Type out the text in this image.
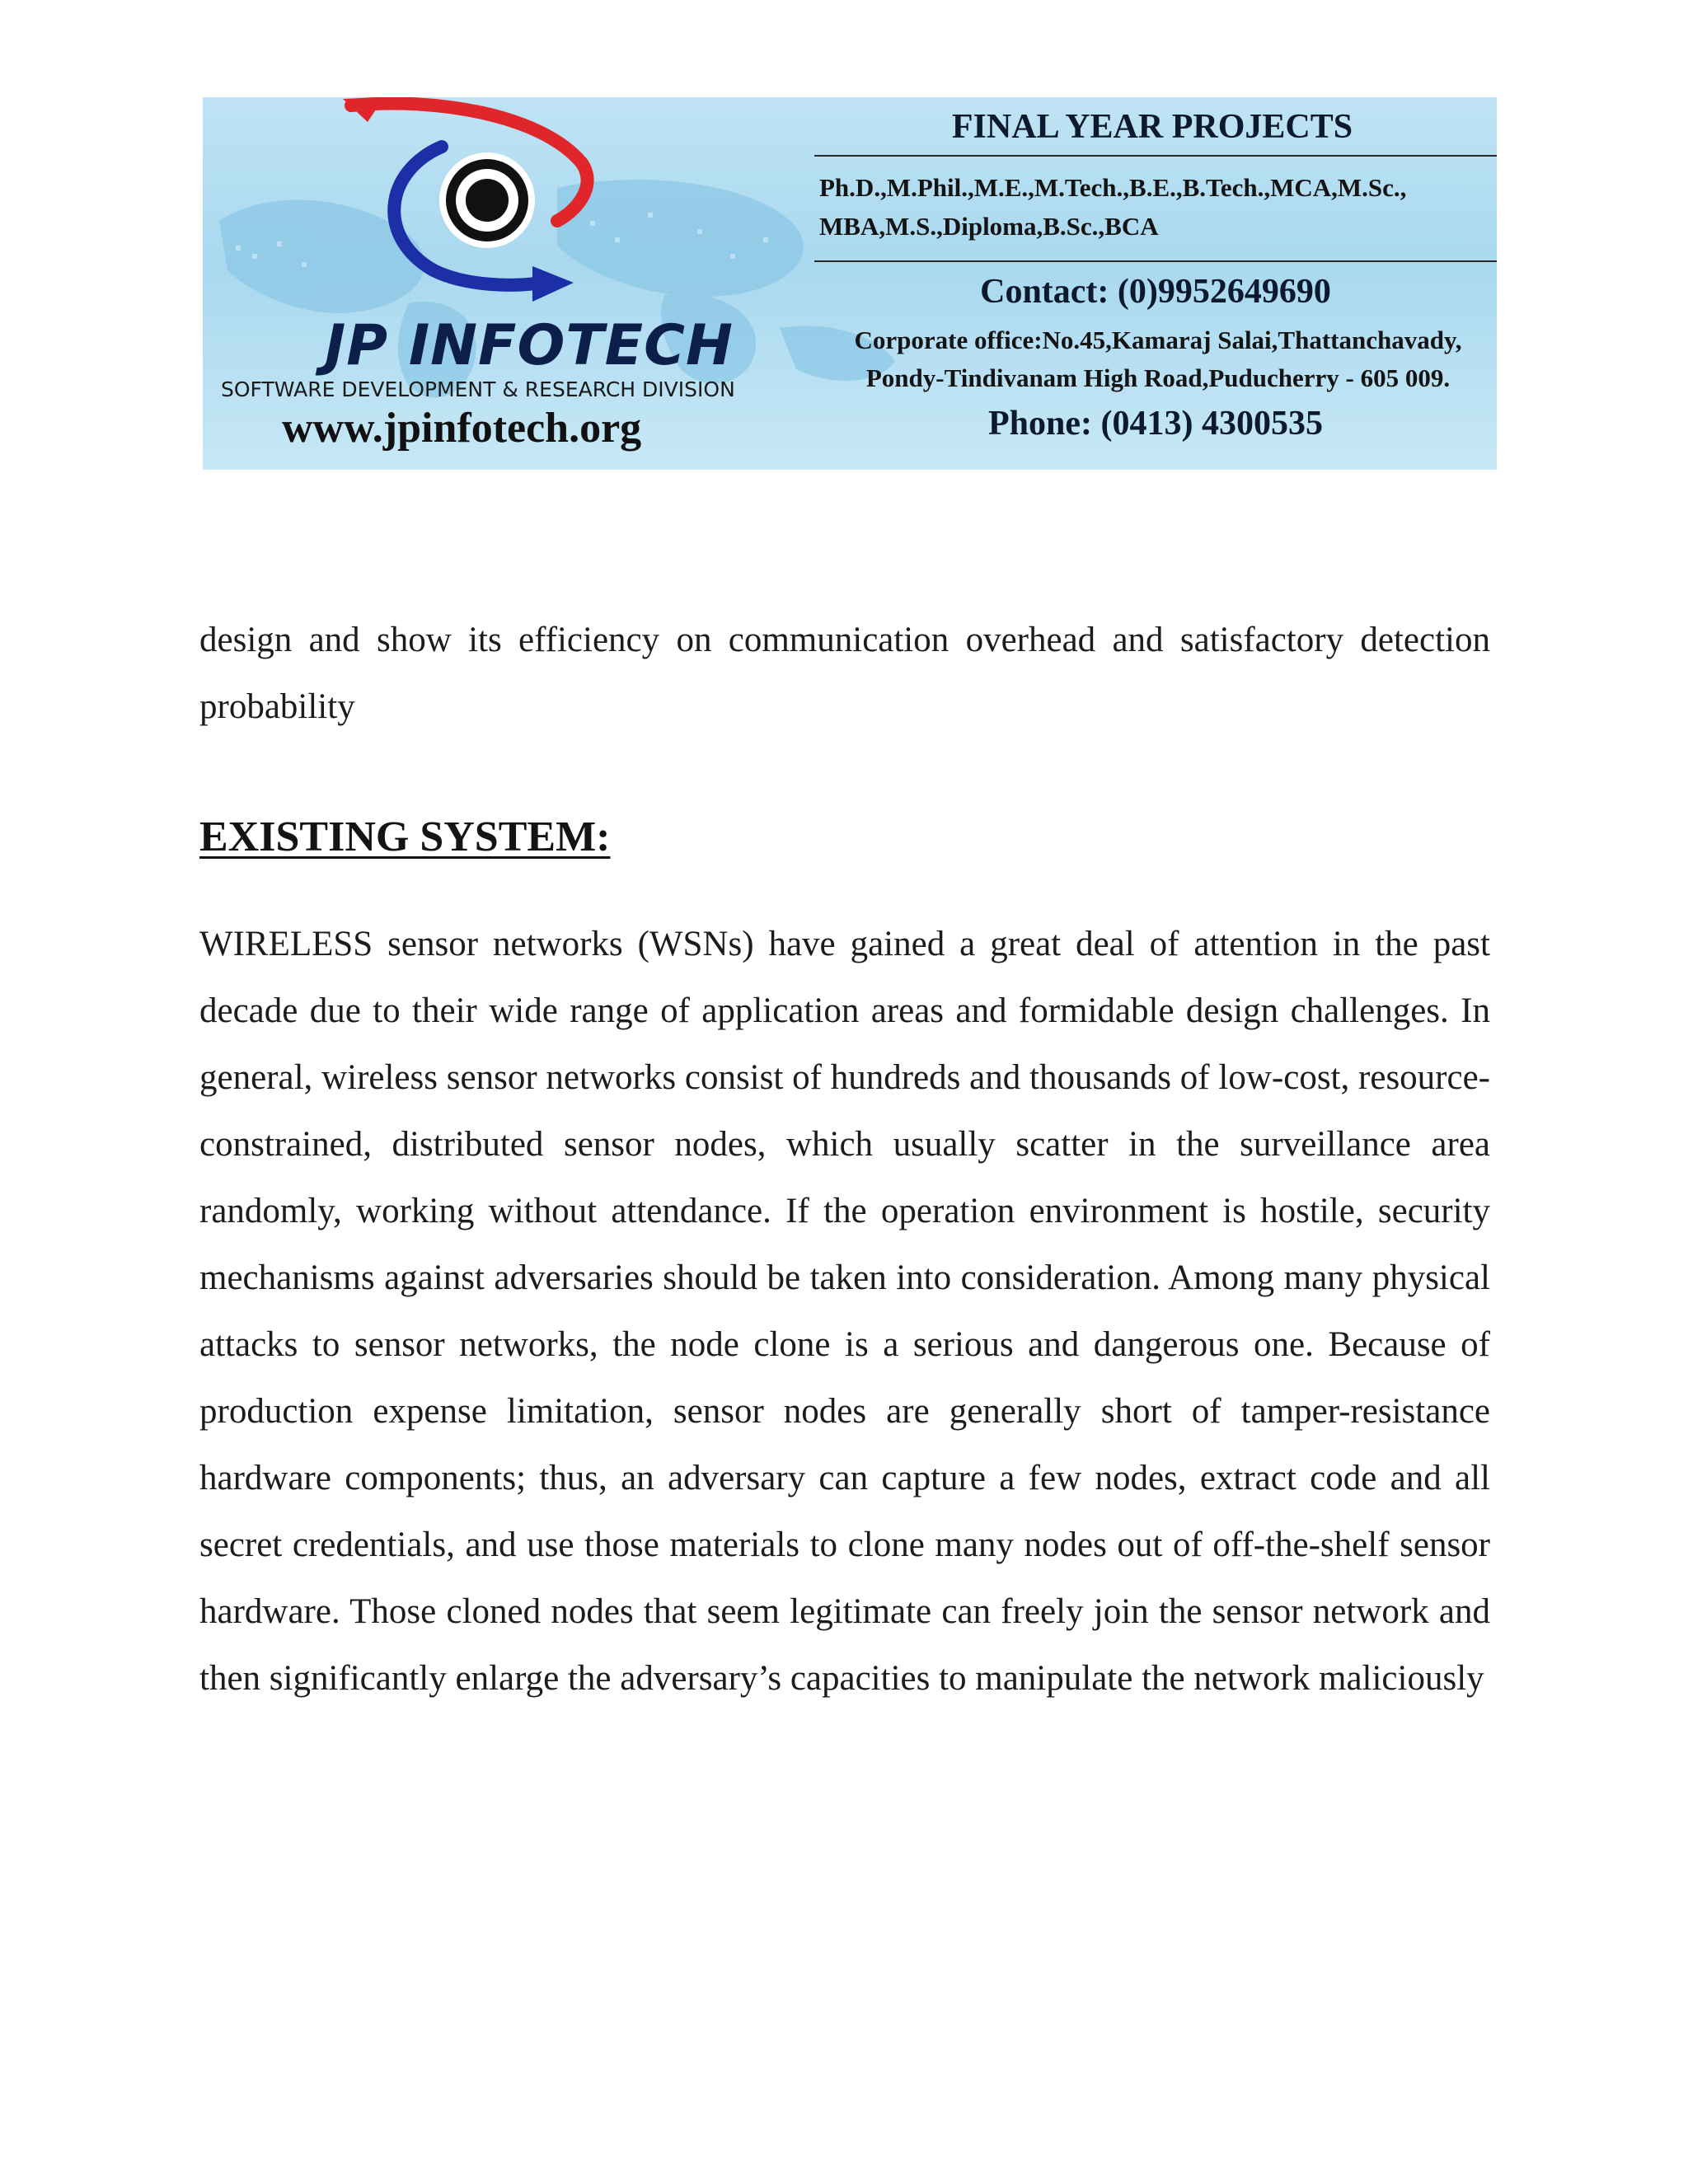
JP INFOTECH
SOFTWARE DEVELOPMENT & RESEARCH DIVISION
www.jpinfotech.org
FINAL YEAR PROJECTS
Ph.D.,M.Phil.,M.E.,M.Tech.,B.E.,B.Tech.,MCA,M.Sc.,
MBA,M.S.,Diploma,B.Sc.,BCA
Contact: (0)9952649690
Corporate office:No.45,Kamaraj Salai,Thattanchavady,
Pondy-Tindivanam High Road,Puducherry - 605 009.
Phone: (0413) 4300535
design and show its efficiency on communication overhead and satisfactory detection probability
EXISTING SYSTEM:
WIRELESS sensor networks (WSNs) have gained a great deal of attention in the past decade due to their wide range of application areas and formidable design challenges. In general, wireless sensor networks consist of hundreds and thousands of low-cost, resource-constrained, distributed sensor nodes, which usually scatter in the surveillance area randomly, working without attendance. If the operation environment is hostile, security mechanisms against adversaries should be taken into consideration. Among many physical attacks to sensor networks, the node clone is a serious and dangerous one. Because of production expense limitation, sensor nodes are generally short of tamper-resistance hardware components; thus, an adversary can capture a few nodes, extract code and all secret credentials, and use those materials to clone many nodes out of off-the-shelf sensor hardware. Those cloned nodes that seem legitimate can freely join the sensor network and then significantly enlarge the adversary’s capacities to manipulate the network maliciously
